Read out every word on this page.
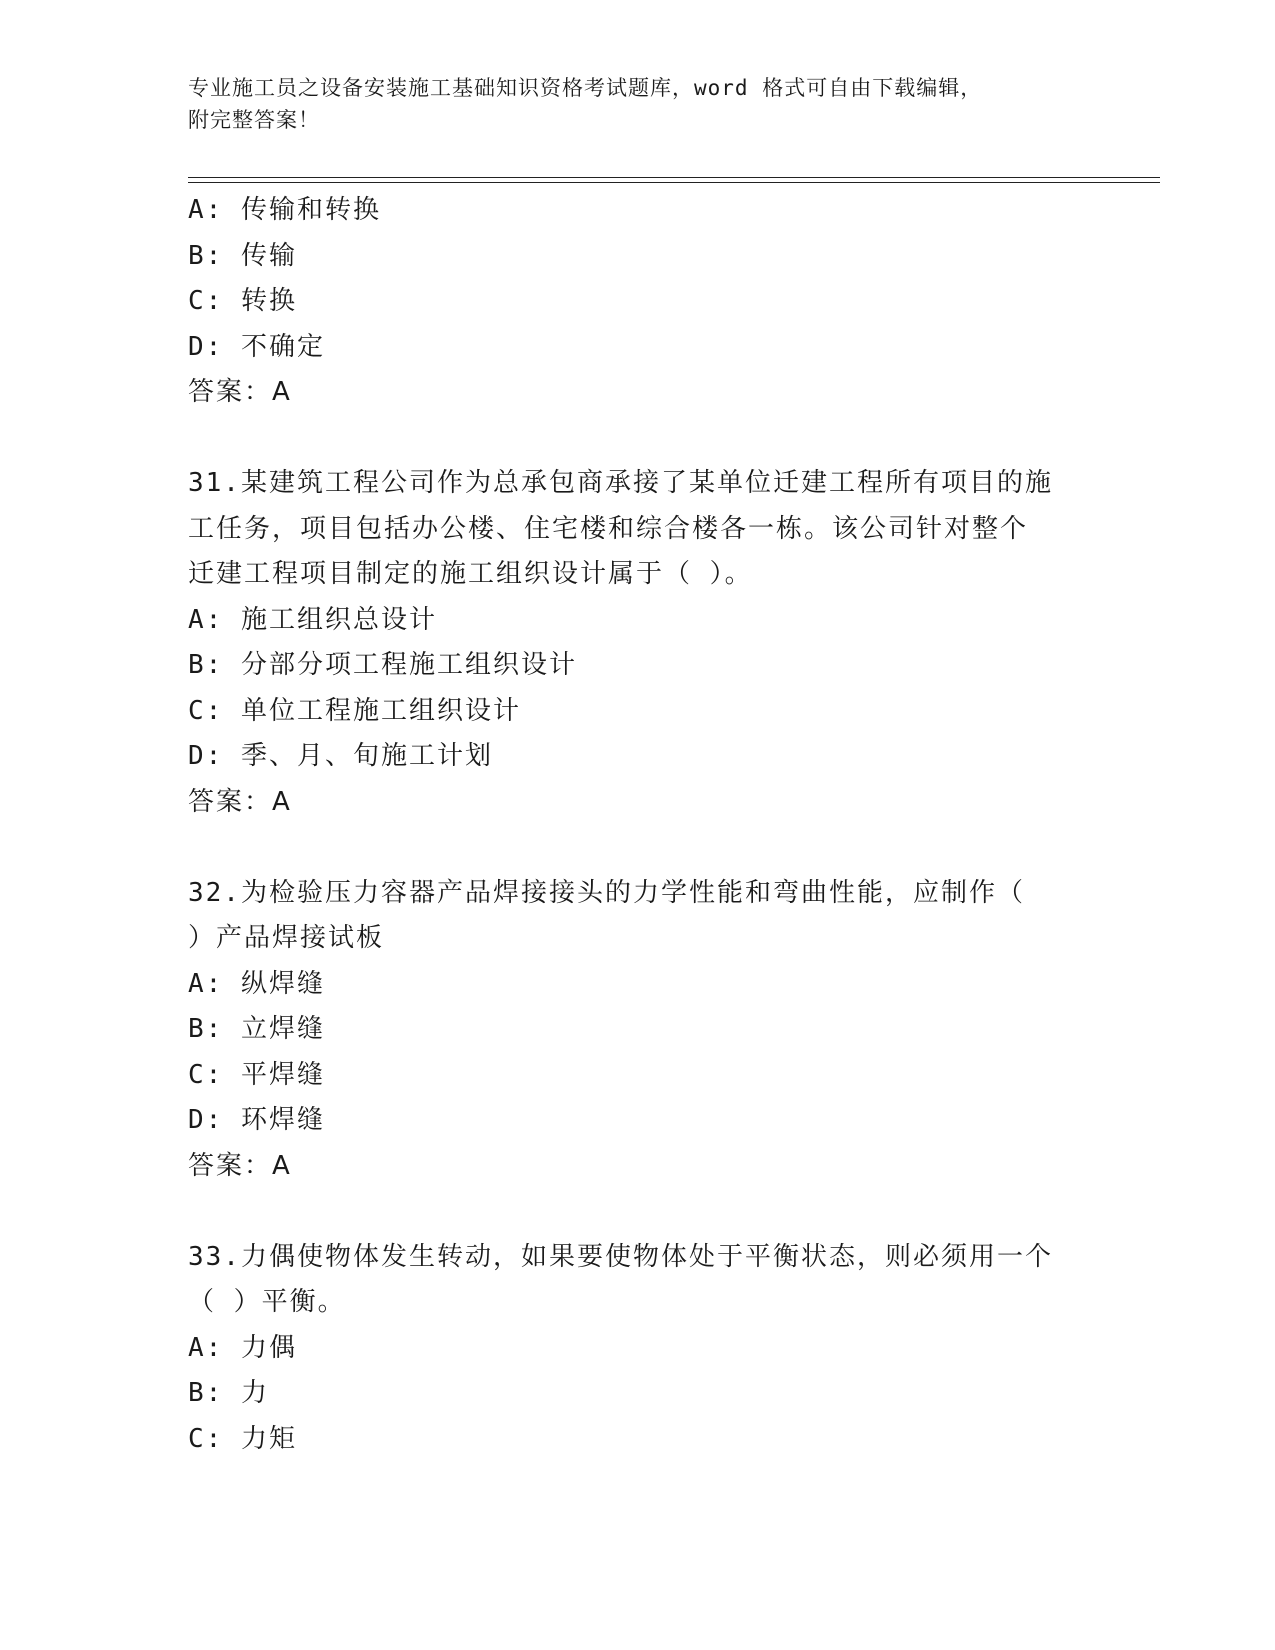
专业施工员之设备安装施工基础知识资格考试题库，word 格式可自由下载编辑，

附完整答案！

A: 传输和转换

B: 传输

C: 转换

D: 不确定

答案：A

31.某建筑工程公司作为总承包商承接了某单位迁建工程所有项目的施

工任务，项目包括办公楼、住宅楼和综合楼各一栋。该公司针对整个

迁建工程项目制定的施工组织设计属于（ ）。

A: 施工组织总设计

B: 分部分项工程施工组织设计

C: 单位工程施工组织设计

D: 季、月、旬施工计划

答案：A

32.为检验压力容器产品焊接接头的力学性能和弯曲性能，应制作（

）产品焊接试板

A: 纵焊缝

B: 立焊缝

C: 平焊缝

D: 环焊缝

答案：A

33.力偶使物体发生转动，如果要使物体处于平衡状态，则必须用一个

（ ）平衡。

A: 力偶

B: 力

C: 力矩
